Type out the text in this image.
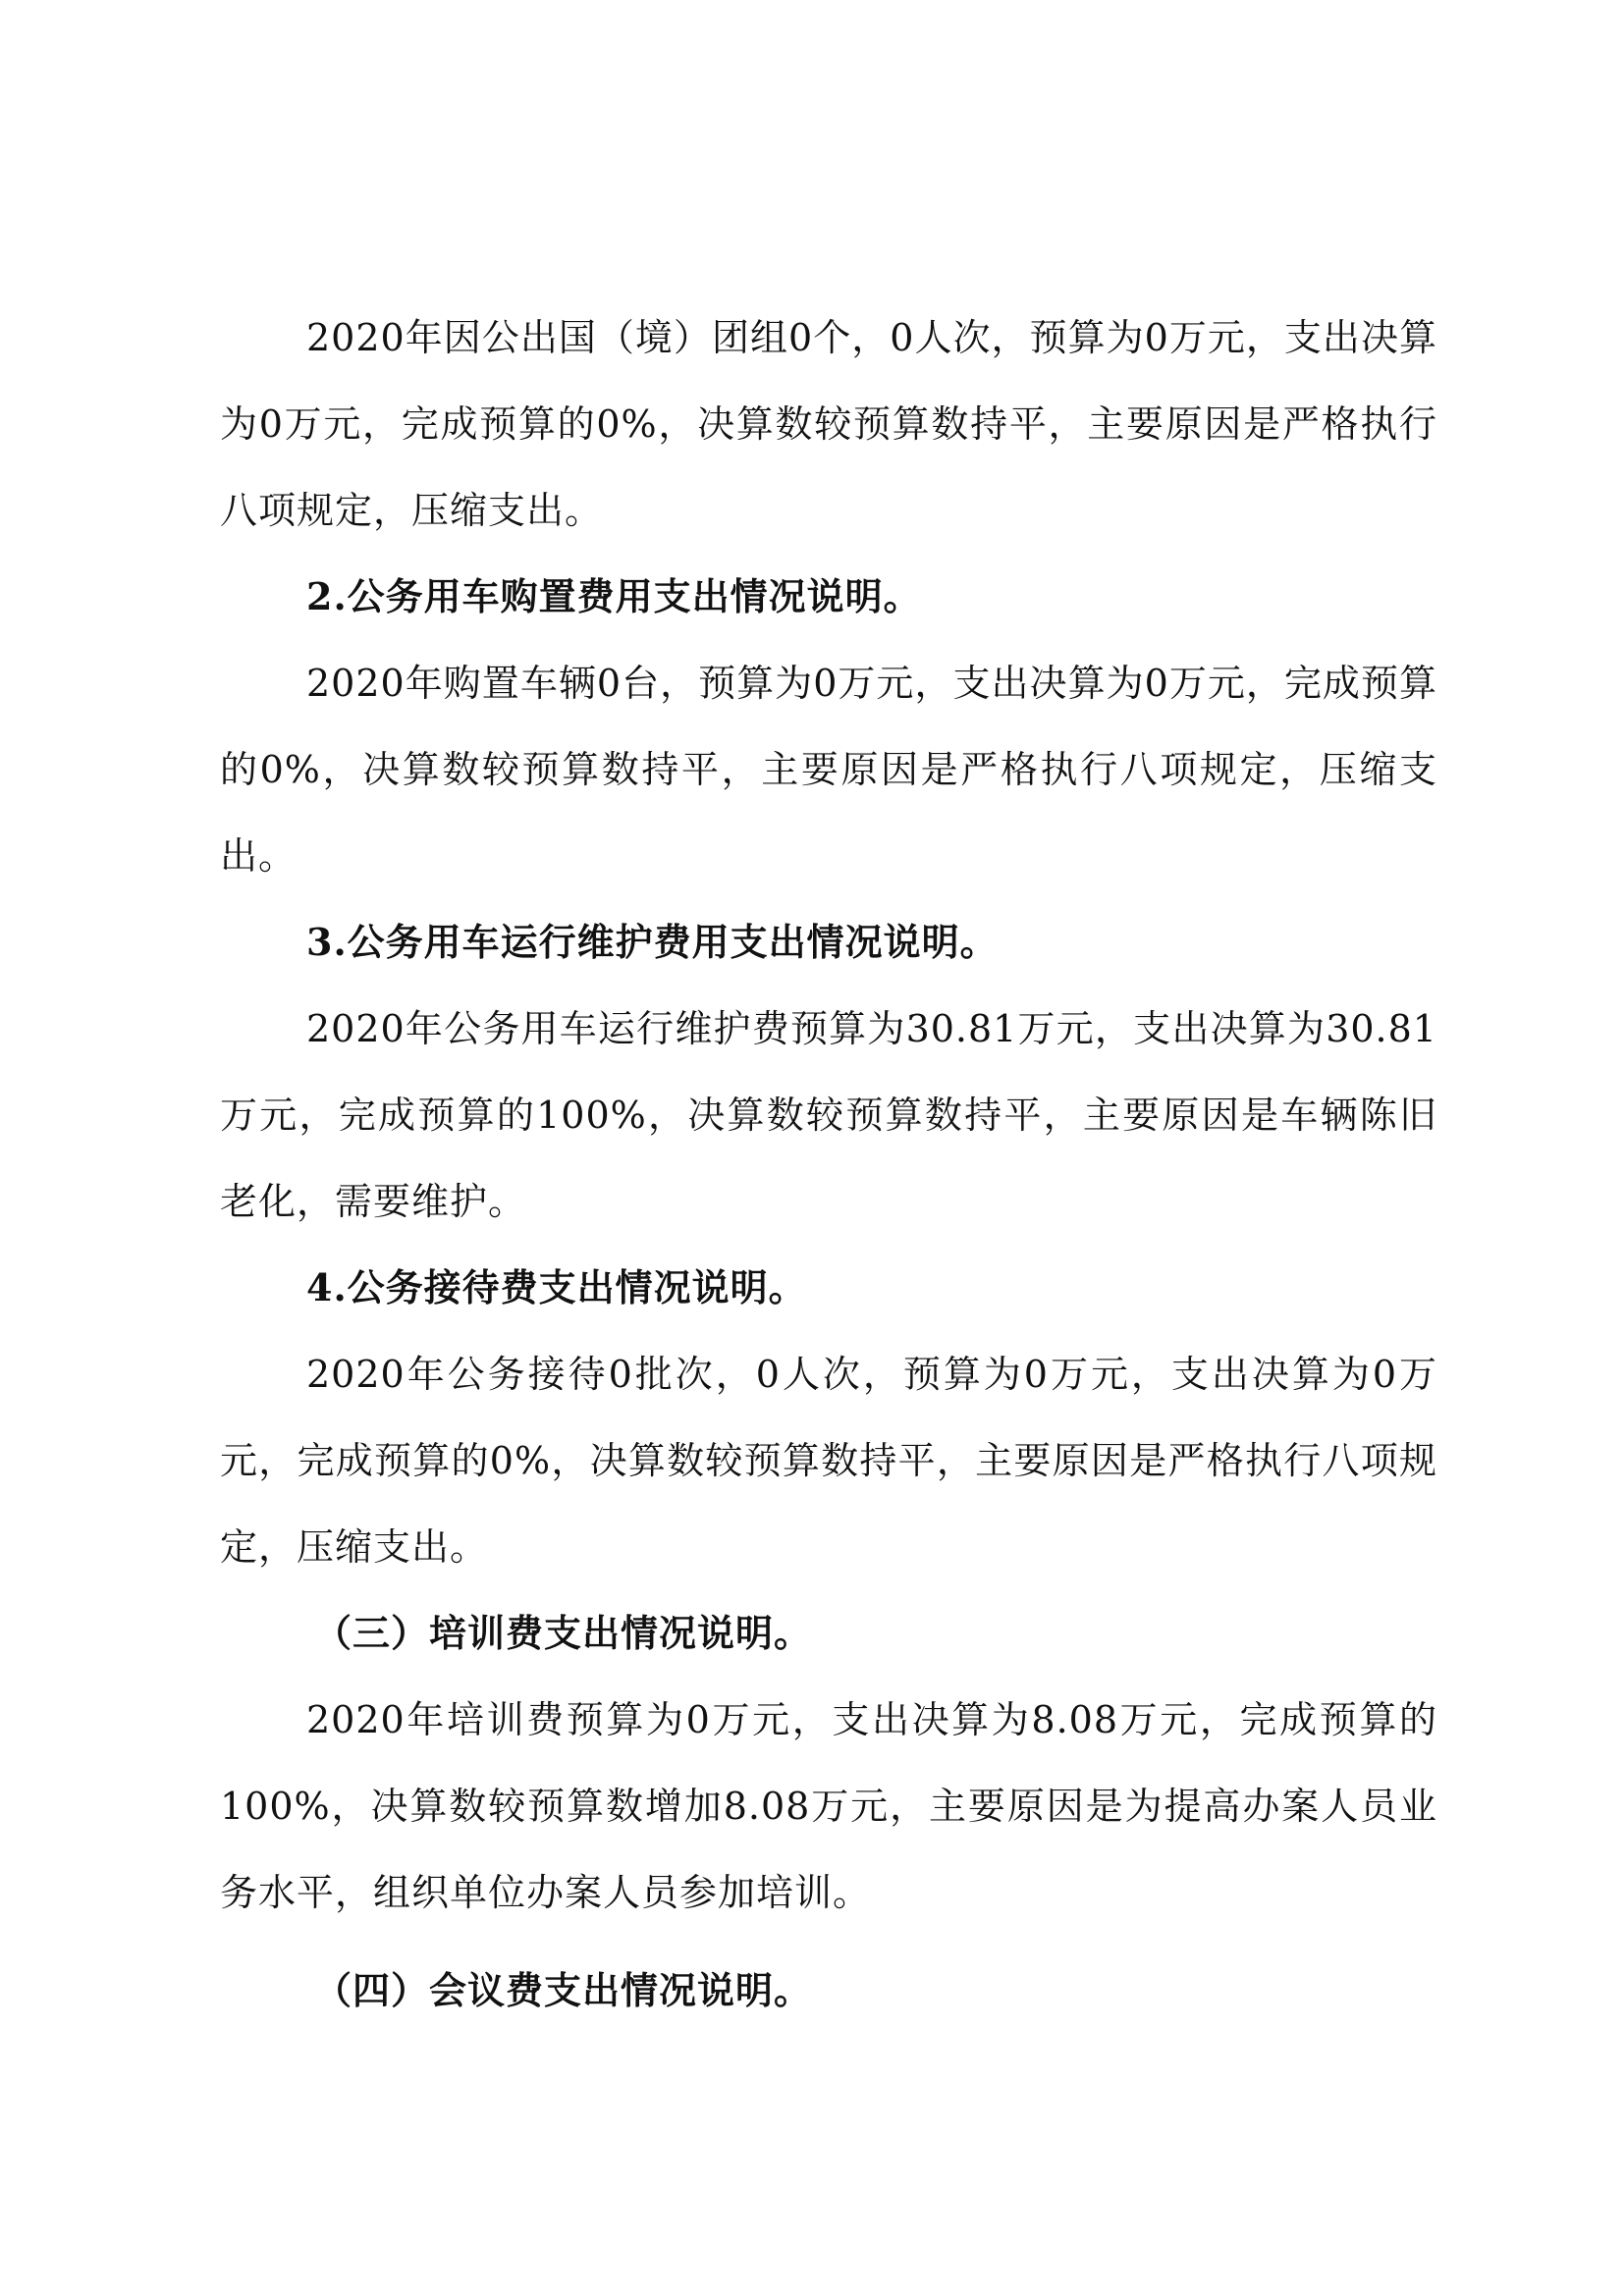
2020年因公出国（境）团组0个，0人次，预算为0万元，支出决算为0万元，完成预算的0%，决算数较预算数持平，主要原因是严格执行八项规定，压缩支出。

2.公务用车购置费用支出情况说明。

2020年购置车辆0台，预算为0万元，支出决算为0万元，完成预算的0%，决算数较预算数持平，主要原因是严格执行八项规定，压缩支出。

3.公务用车运行维护费用支出情况说明。

2020年公务用车运行维护费预算为30.81万元，支出决算为30.81万元，完成预算的100%，决算数较预算数持平，主要原因是车辆陈旧老化，需要维护。

4.公务接待费支出情况说明。

2020年公务接待0批次，0人次，预算为0万元，支出决算为0万元，完成预算的0%，决算数较预算数持平，主要原因是严格执行八项规定，压缩支出。

（三）培训费支出情况说明。

2020年培训费预算为0万元，支出决算为8.08万元，完成预算的100%，决算数较预算数增加8.08万元，主要原因是为提高办案人员业务水平，组织单位办案人员参加培训。

（四）会议费支出情况说明。
